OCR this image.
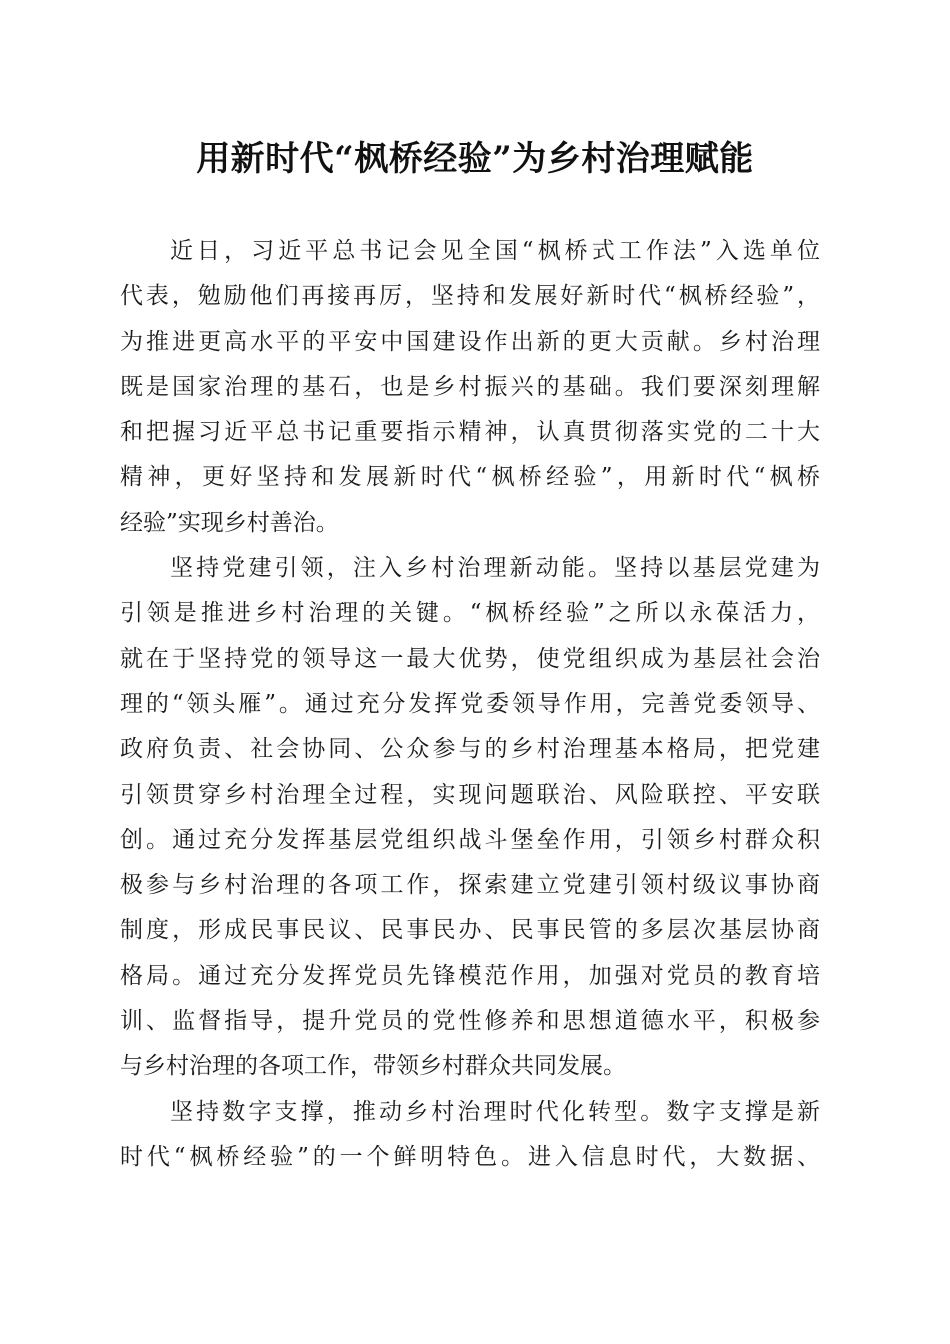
用新时代“枫桥经验”为乡村治理赋能
近日，习近平总书记会见全国“枫桥式工作法”入选单位
代表，勉励他们再接再厉，坚持和发展好新时代“枫桥经验”，
为推进更高水平的平安中国建设作出新的更大贡献。乡村治理
既是国家治理的基石，也是乡村振兴的基础。我们要深刻理解
和把握习近平总书记重要指示精神，认真贯彻落实党的二十大
精神，更好坚持和发展新时代“枫桥经验”，用新时代“枫桥
经验”实现乡村善治。
坚持党建引领，注入乡村治理新动能。坚持以基层党建为
引领是推进乡村治理的关键。“枫桥经验”之所以永葆活力，
就在于坚持党的领导这一最大优势，使党组织成为基层社会治
理的“领头雁”。通过充分发挥党委领导作用，完善党委领导、
政府负责、社会协同、公众参与的乡村治理基本格局，把党建
引领贯穿乡村治理全过程，实现问题联治、风险联控、平安联
创。通过充分发挥基层党组织战斗堡垒作用，引领乡村群众积
极参与乡村治理的各项工作，探索建立党建引领村级议事协商
制度，形成民事民议、民事民办、民事民管的多层次基层协商
格局。通过充分发挥党员先锋模范作用，加强对党员的教育培
训、监督指导，提升党员的党性修养和思想道德水平，积极参
与乡村治理的各项工作，带领乡村群众共同发展。
坚持数字支撑，推动乡村治理时代化转型。数字支撑是新
时代“枫桥经验”的一个鲜明特色。进入信息时代，大数据、
